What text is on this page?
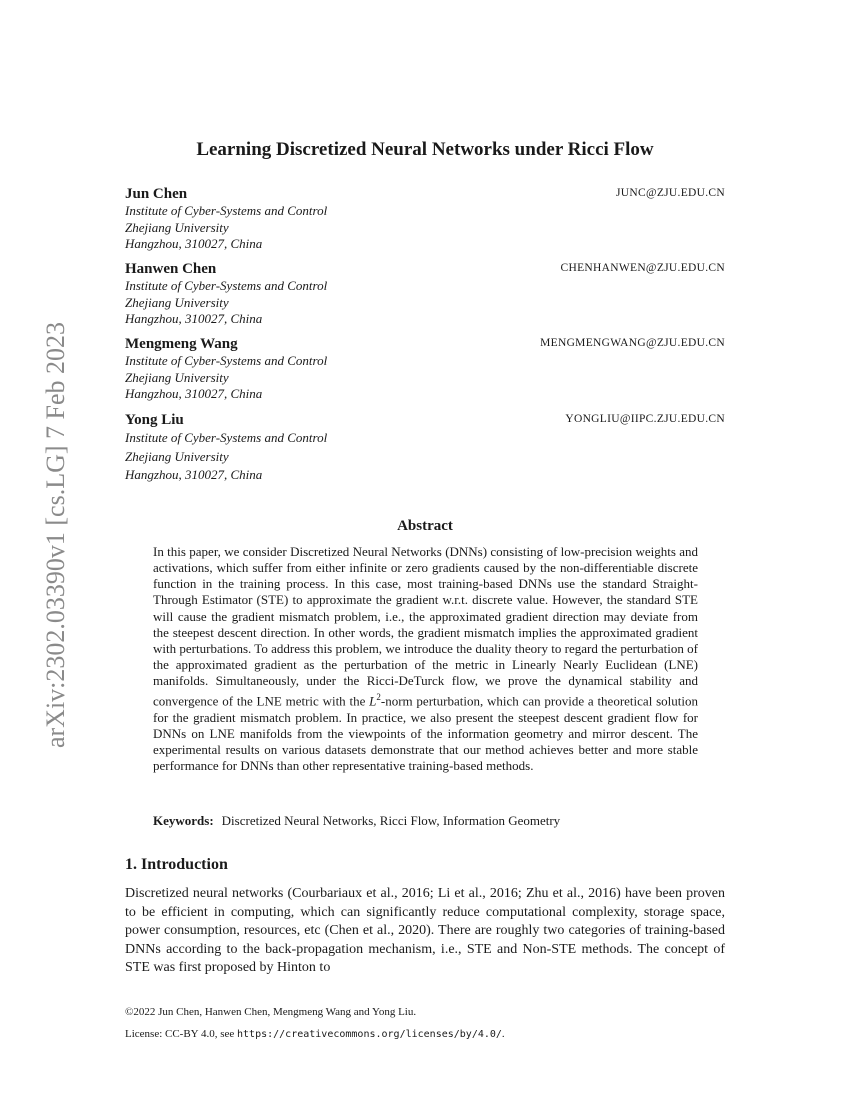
arXiv:2302.03390v1 [cs.LG] 7 Feb 2023
Learning Discretized Neural Networks under Ricci Flow
Jun Chen	JUNC@ZJU.EDU.CN
Institute of Cyber-Systems and Control
Zhejiang University
Hangzhou, 310027, China
Hanwen Chen	CHENHANWEN@ZJU.EDU.CN
Institute of Cyber-Systems and Control
Zhejiang University
Hangzhou, 310027, China
Mengmeng Wang	MENGMENGWANG@ZJU.EDU.CN
Institute of Cyber-Systems and Control
Zhejiang University
Hangzhou, 310027, China
Yong Liu	YONGLIU@IIPC.ZJU.EDU.CN
Institute of Cyber-Systems and Control
Zhejiang University
Hangzhou, 310027, China
Abstract
In this paper, we consider Discretized Neural Networks (DNNs) consisting of low-precision weights and activations, which suffer from either infinite or zero gradients caused by the non-differentiable discrete function in the training process. In this case, most training-based DNNs use the standard Straight-Through Estimator (STE) to approximate the gradient w.r.t. discrete value. However, the standard STE will cause the gradient mismatch problem, i.e., the approximated gradient direction may deviate from the steepest descent direction. In other words, the gradient mismatch implies the approximated gradient with perturbations. To address this problem, we introduce the duality theory to regard the perturbation of the approximated gradient as the perturbation of the metric in Linearly Nearly Euclidean (LNE) manifolds. Simultaneously, under the Ricci-DeTurck flow, we prove the dynamical stability and convergence of the LNE metric with the $L^2$-norm perturbation, which can provide a theoretical solution for the gradient mismatch problem. In practice, we also present the steepest descent gradient flow for DNNs on LNE manifolds from the viewpoints of the information geometry and mirror descent. The experimental results on various datasets demonstrate that our method achieves better and more stable performance for DNNs than other representative training-based methods.
Keywords: Discretized Neural Networks, Ricci Flow, Information Geometry
1. Introduction
Discretized neural networks (Courbariaux et al., 2016; Li et al., 2016; Zhu et al., 2016) have been proven to be efficient in computing, which can significantly reduce computational complexity, storage space, power consumption, resources, etc (Chen et al., 2020). There are roughly two categories of training-based DNNs according to the back-propagation mechanism, i.e., STE and Non-STE methods. The concept of STE was first proposed by Hinton to
©2022 Jun Chen, Hanwen Chen, Mengmeng Wang and Yong Liu.
License: CC-BY 4.0, see https://creativecommons.org/licenses/by/4.0/.
